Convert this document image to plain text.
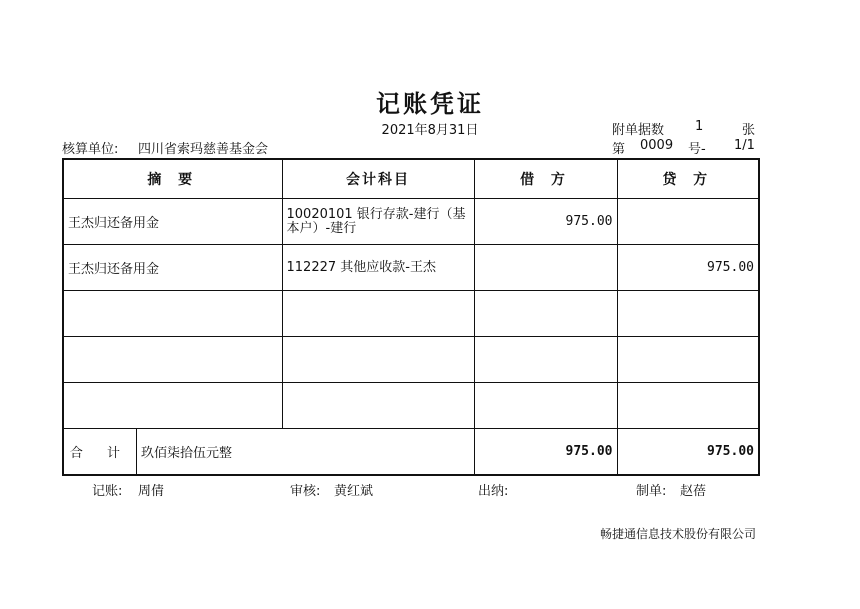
记账凭证
2021年8月31日
核算单位: 四川省索玛慈善基金会
附单据数 1	张
第 0009 号- 1/1
摘 要	会计科目	借 方	贷 方
王杰归还备用金	10020101 银行存款-建行（基本户）-建行	975.00	
王杰归还备用金	112227 其他应收款-王杰		975.00

合 计 玖佰柒拾伍元整		975.00	975.00
记账: 周倩	审核: 黄红斌	出纳:	制单: 赵蓓
畅捷通信息技术股份有限公司
